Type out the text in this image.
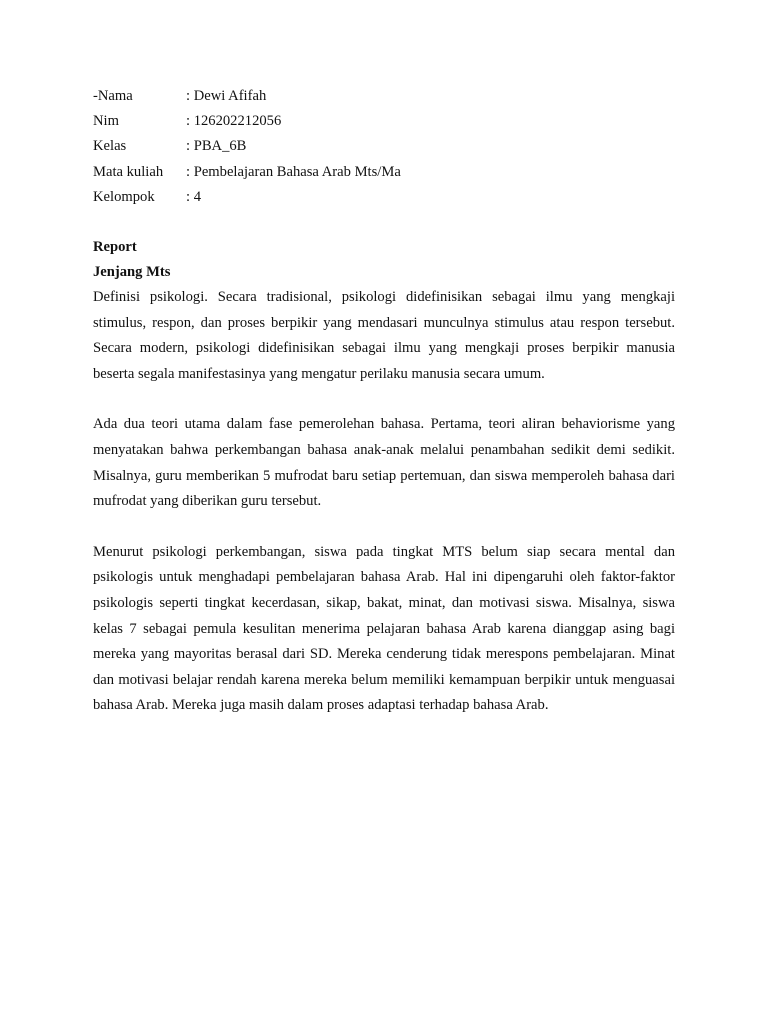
-Nama	: Dewi Afifah
Nim	: 126202212056
Kelas	: PBA_6B
Mata kuliah	: Pembelajaran Bahasa Arab Mts/Ma
Kelompok	: 4

Report

Jenjang Mts

Definisi psikologi. Secara tradisional, psikologi didefinisikan sebagai ilmu yang mengkaji stimulus, respon, dan proses berpikir yang mendasari munculnya stimulus atau respon tersebut. Secara modern, psikologi didefinisikan sebagai ilmu yang mengkaji proses berpikir manusia beserta segala manifestasinya yang mengatur perilaku manusia secara umum.

Ada dua teori utama dalam fase pemerolehan bahasa. Pertama, teori aliran behaviorisme yang menyatakan bahwa perkembangan bahasa anak-anak melalui penambahan sedikit demi sedikit. Misalnya, guru memberikan 5 mufrodat baru setiap pertemuan, dan siswa memperoleh bahasa dari mufrodat yang diberikan guru tersebut.

Menurut psikologi perkembangan, siswa pada tingkat MTS belum siap secara mental dan psikologis untuk menghadapi pembelajaran bahasa Arab. Hal ini dipengaruhi oleh faktor-faktor psikologis seperti tingkat kecerdasan, sikap, bakat, minat, dan motivasi siswa. Misalnya, siswa kelas 7 sebagai pemula kesulitan menerima pelajaran bahasa Arab karena dianggap asing bagi mereka yang mayoritas berasal dari SD. Mereka cenderung tidak merespons pembelajaran. Minat dan motivasi belajar rendah karena mereka belum memiliki kemampuan berpikir untuk menguasai bahasa Arab. Mereka juga masih dalam proses adaptasi terhadap bahasa Arab.
